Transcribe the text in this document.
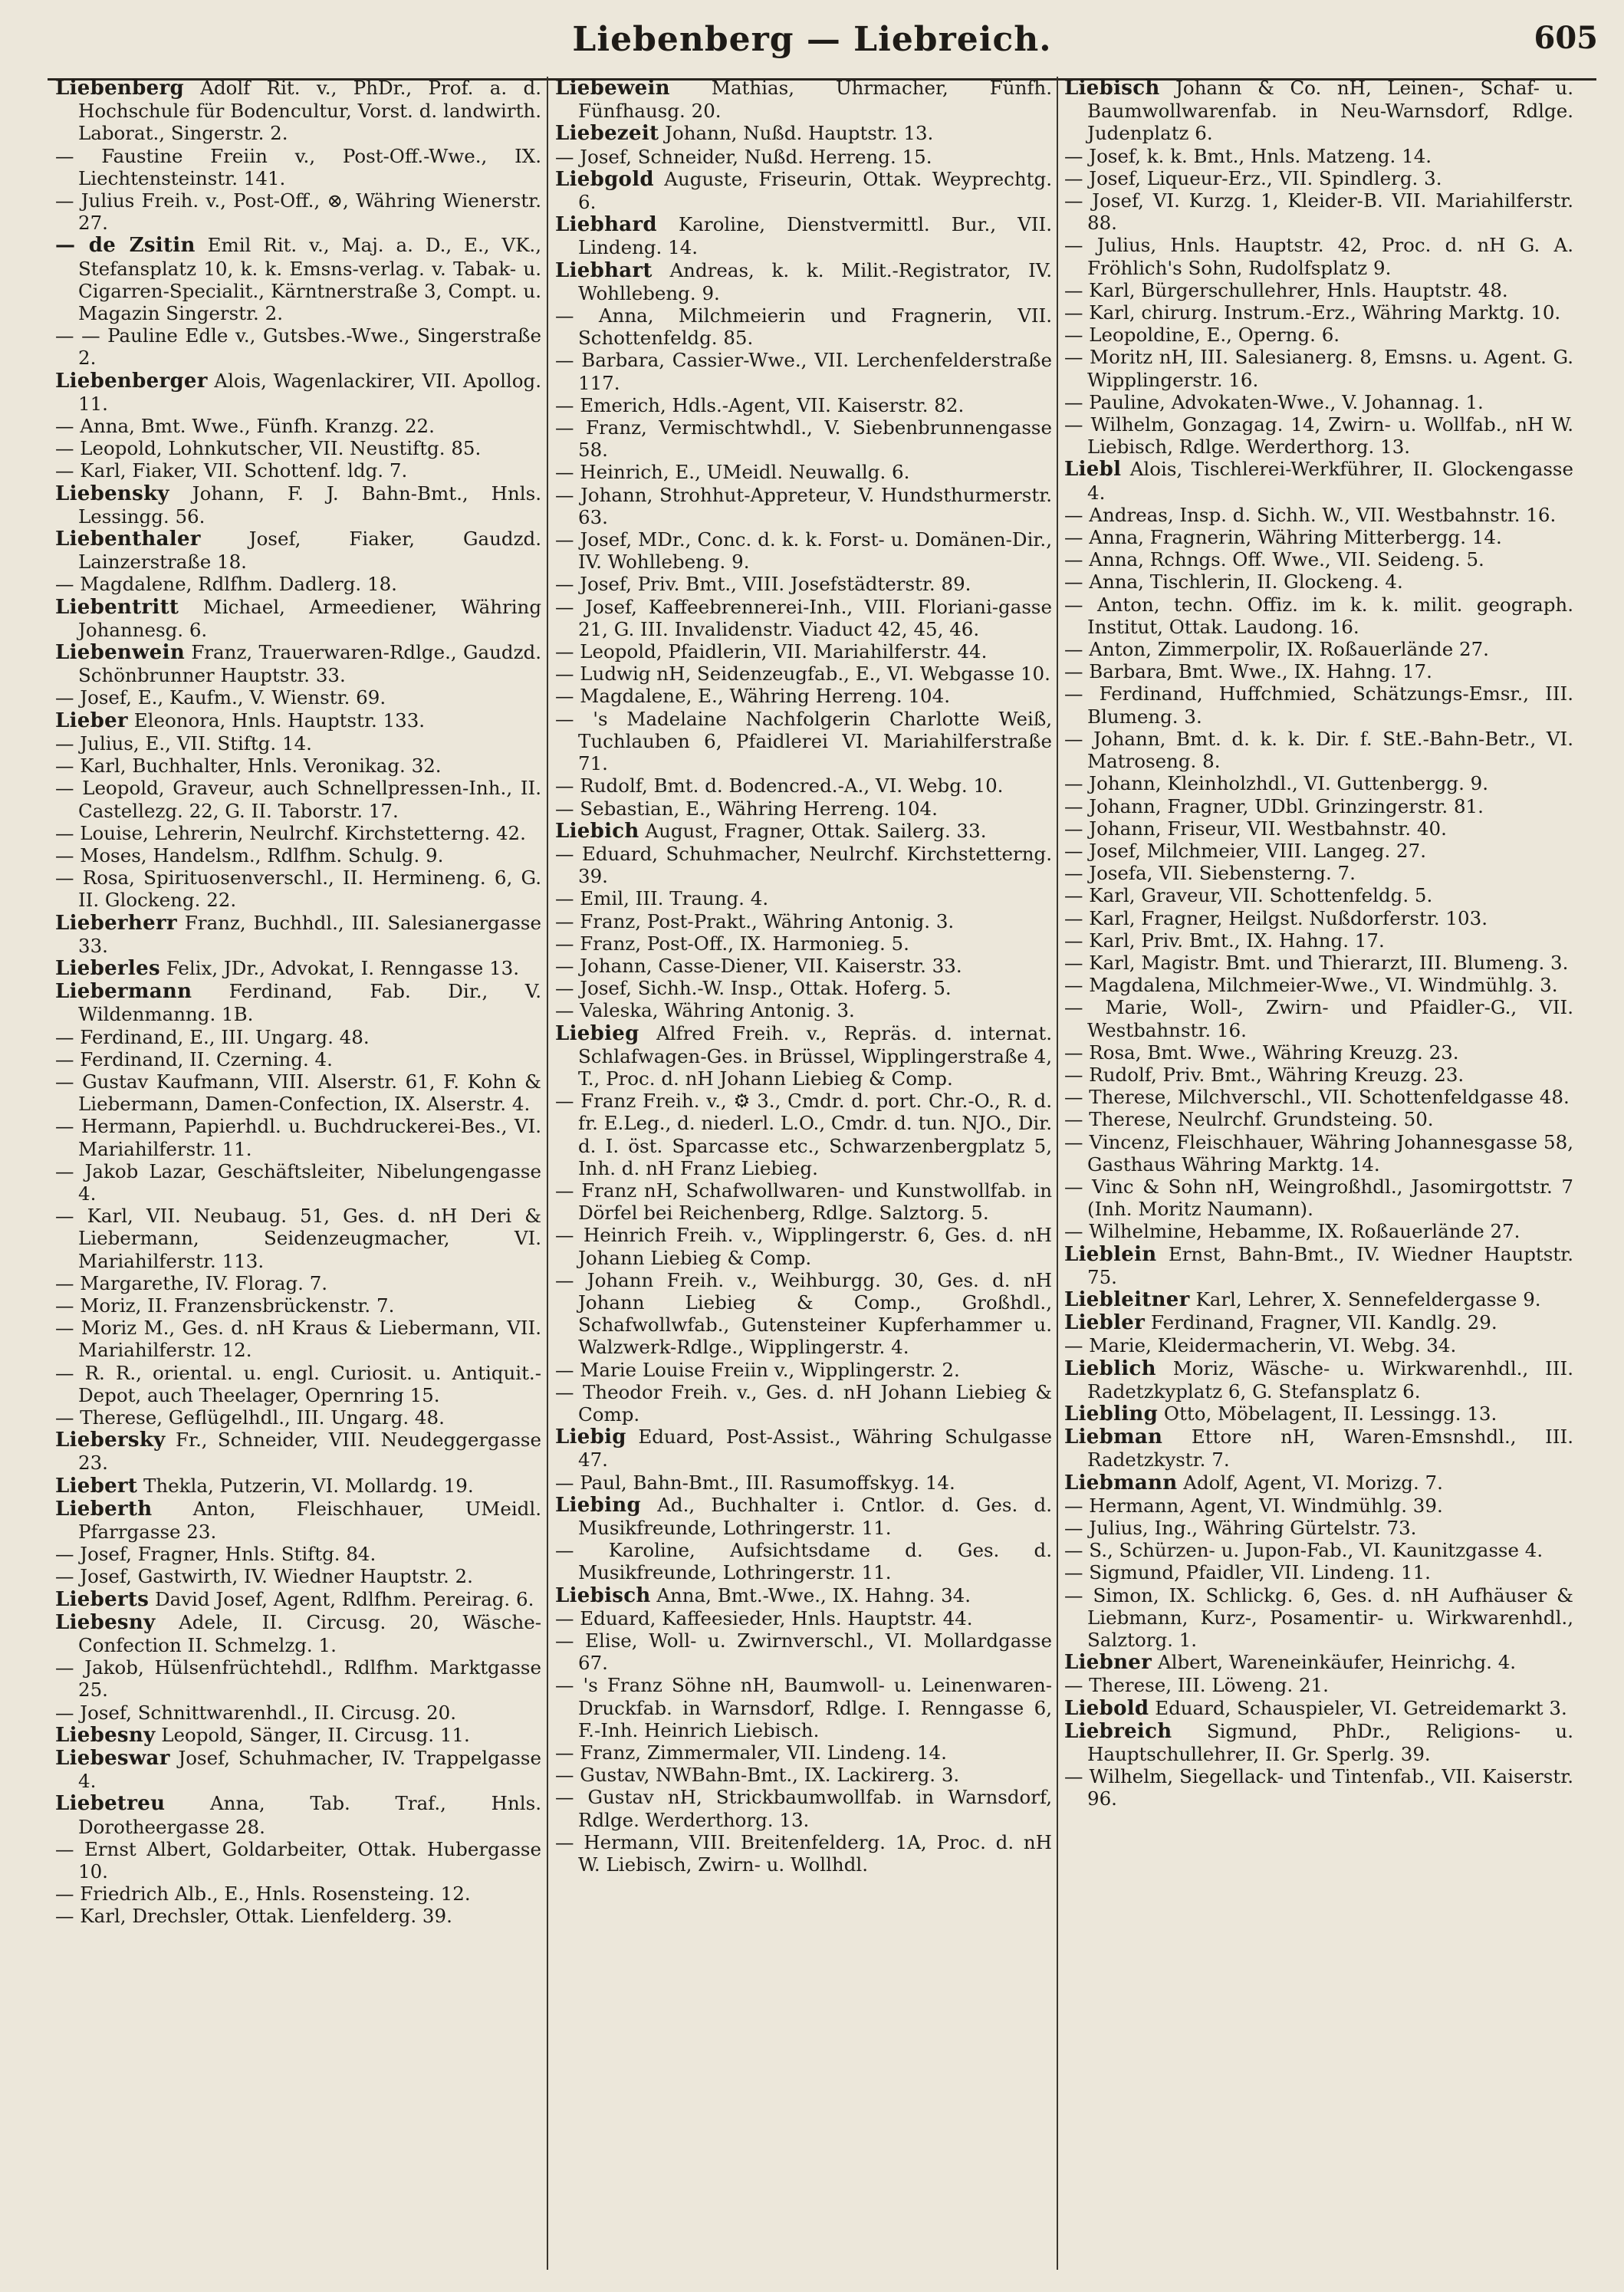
Liebenberg — Liebreich.	605

Liebenberg Adolf Rit. v., PhDr., Prof. a. d. Hochschule für Bodencultur, Vorst. d. landwirth. Laborat., Singerstr. 2.

— Faustine Freiin v., Post-Off.-Wwe., IX. Liechtensteinstr. 141.

— Julius Freih. v., Post-Off., ⊗, Währing Wienerstr. 27.

— de Zsitin Emil Rit. v., Maj. a. D., E., VK., Stefansplatz 10, k. k. Emsns-verlag. v. Tabak- u. Cigarren-Specialit., Kärntnerstraße 3, Compt. u. Magazin Singerstr. 2.

— — Pauline Edle v., Gutsbes.-Wwe., Singerstraße 2.

Liebenberger Alois, Wagenlackirer, VII. Apollog. 11.

— Anna, Bmt. Wwe., Fünfh. Kranzg. 22.

— Leopold, Lohnkutscher, VII. Neustiftg. 85.

— Karl, Fiaker, VII. Schottenf. ldg. 7.

Liebensky Johann, F. J. Bahn-Bmt., Hnls. Lessingg. 56.

Liebenthaler	Josef, Fiaker, Gaudzd. Lainzerstraße 18.

— Magdalene, Rdlfhm. Dadlerg. 18.

Liebentritt Michael, Armeediener, Währing Johannesg. 6.

Liebenwein Franz, Trauerwaren-Rdlge., Gaudzd. Schönbrunner Hauptstr. 33.

— Josef, E., Kaufm., V. Wienstr. 69.

Lieber Eleonora, Hnls. Hauptstr. 133.

— Julius, E., VII. Stiftg. 14.

— Karl, Buchhalter, Hnls. Veronikag. 32.

— Leopold, Graveur, auch Schnellpressen-Inh., II. Castellezg. 22, G. II. Taborstr. 17.

— Louise, Lehrerin, Neulrchf. Kirchstetterng. 42.

— Moses, Handelsm., Rdlfhm. Schulg. 9.

— Rosa, Spirituosenverschl., II. Hermineng. 6, G. II. Glockeng. 22.

Lieberherr Franz, Buchhdl., III. Salesianergasse 33.

Lieberles Felix, JDr., Advokat, I. Renngasse 13.

Liebermann Ferdinand, Fab. Dir., V. Wildenmanng. 1B.

— Ferdinand, E., III. Ungarg. 48.

— Ferdinand, II. Czerning. 4.

— Gustav Kaufmann, VIII. Alserstr. 61, F. Kohn & Liebermann, Damen-Confection, IX. Alserstr. 4.

— Hermann, Papierhdl. u. Buchdruckerei-Bes., VI. Mariahilferstr. 11.

— Jakob Lazar, Geschäftsleiter, Nibelungengasse 4.

— Karl, VII. Neubaug. 51, Ges. d. nH Deri & Liebermann, Seidenzeugmacher, VI. Mariahilferstr. 113.

— Margarethe, IV. Florag. 7.

— Moriz, II. Franzensbrückenstr. 7.

— Moriz M., Ges. d. nH Kraus & Liebermann, VII. Mariahilferstr. 12.

— R. R., oriental. u. engl. Curiosit. u. Antiquit.-Depot, auch Theelager, Opernring 15.

— Therese, Geflügelhdl., III. Ungarg. 48.

Liebersky Fr., Schneider, VIII. Neudeggergasse 23.

Liebert Thekla, Putzerin, VI. Mollardg. 19.

Lieberth Anton, Fleischhauer, UMeidl. Pfarrgasse 23.

— Josef, Fragner, Hnls. Stiftg. 84.

— Josef, Gastwirth, IV. Wiedner Hauptstr. 2.

Lieberts David Josef, Agent, Rdlfhm. Pereirag. 6.

Liebesny Adele, II. Circusg. 20, Wäsche-Confection II. Schmelzg. 1.

— Jakob, Hülsenfrüchtehdl., Rdlfhm. Marktgasse 25.

— Josef, Schnittwarenhdl., II. Circusg. 20.

Liebesny Leopold, Sänger, II. Circusg. 11.

Liebeswar Josef, Schuhmacher, IV. Trappelgasse 4.

Liebetreu Anna, Tab. Traf., Hnls. Dorotheergasse 28.

— Ernst Albert, Goldarbeiter, Ottak. Hubergasse 10.

— Friedrich Alb., E., Hnls. Rosensteing. 12.

— Karl, Drechsler, Ottak. Lienfelderg. 39.

Liebewein Mathias, Uhrmacher, Fünfh. Fünfhausg. 20.

Liebezeit Johann, Nußd. Hauptstr. 13.

— Josef, Schneider, Nußd. Herreng. 15.

Liebgold Auguste, Friseurin, Ottak. Weyprechtg. 6.

Liebhard Karoline, Dienstvermittl. Bur., VII. Lindeng. 14.

Liebhart Andreas, k. k. Milit.-Registrator, IV. Wohllebeng. 9.

— Anna, Milchmeierin und Fragnerin, VII. Schottenfeldg. 85.

— Barbara, Cassier-Wwe., VII. Lerchenfelderstraße 117.

— Emerich, Hdls.-Agent, VII. Kaiserstr. 82.

— Franz, Vermischtwhdl., V. Siebenbrunnengasse 58.

— Heinrich, E., UMeidl. Neuwallg. 6.

— Johann, Strohhut-Appreteur, V. Hundsthurmerstr. 63.

— Josef, MDr., Conc. d. k. k. Forst- u. Domänen-Dir., IV. Wohllebeng. 9.

— Josef, Priv. Bmt., VIII. Josefstädterstr. 89.

— Josef, Kaffeebrennerei-Inh., VIII. Floriani-gasse 21, G. III. Invalidenstr. Viaduct 42, 45, 46.

— Leopold, Pfaidlerin, VII. Mariahilferstr. 44.

— Ludwig nH, Seidenzeugfab., E., VI. Webgasse 10.

— Magdalene, E., Währing Herreng. 104.

— 's Madelaine Nachfolgerin Charlotte Weiß, Tuchlauben 6, Pfaidlerei VI. Mariahilferstraße 71.

— Rudolf, Bmt. d. Bodencred.-A., VI. Webg. 10.

— Sebastian, E., Währing Herreng. 104.

Liebich August, Fragner, Ottak. Sailerg. 33.

— Eduard, Schuhmacher, Neulrchf. Kirchstetterng. 39.

— Emil, III. Traung. 4.

— Franz, Post-Prakt., Währing Antonig. 3.

— Franz, Post-Off., IX. Harmonieg. 5.

— Johann, Casse-Diener, VII. Kaiserstr. 33.

— Josef, Sichh.-W. Insp., Ottak. Hoferg. 5.

— Valeska, Währing Antonig. 3.

Liebieg Alfred Freih. v., Repräs. d. internat. Schlafwagen-Ges. in Brüssel, Wipplingerstraße 4, T., Proc. d. nH Johann Liebieg & Comp.

— Franz Freih. v., ⚙ 3., Cmdr. d. port. Chr.-O., R. d. fr. E.Leg., d. niederl. L.O., Cmdr. d. tun. NJO., Dir. d. I. öst. Sparcasse etc., Schwarzenbergplatz 5, Inh. d. nH Franz Liebieg.

— Franz nH, Schafwollwaren- und Kunstwollfab. in Dörfel bei Reichenberg, Rdlge. Salztorg. 5.

— Heinrich Freih. v., Wipplingerstr. 6, Ges. d. nH Johann Liebieg & Comp.

— Johann Freih. v., Weihburgg. 30, Ges. d. nH Johann Liebieg & Comp., Großhdl., Schafwollwfab., Gutensteiner Kupferhammer u. Walzwerk-Rdlge., Wipplingerstr. 4.

— Marie Louise Freiin v., Wipplingerstr. 2.

— Theodor Freih. v., Ges. d. nH Johann Liebieg & Comp.

Liebig Eduard, Post-Assist., Währing Schulgasse 47.

— Paul, Bahn-Bmt., III. Rasumoffskyg. 14.

Liebing Ad., Buchhalter i. Cntlor. d. Ges. d. Musikfreunde, Lothringerstr. 11.

— Karoline, Aufsichtsdame d. Ges. d. Musikfreunde, Lothringerstr. 11.

Liebisch Anna, Bmt.-Wwe., IX. Hahng. 34.

— Eduard, Kaffeesieder, Hnls. Hauptstr. 44.

— Elise, Woll- u. Zwirnverschl., VI. Mollardgasse 67.

— 's Franz Söhne nH, Baumwoll- u. Leinenwaren-Druckfab. in Warnsdorf, Rdlge. I. Renngasse 6, F.-Inh. Heinrich Liebisch.

— Franz, Zimmermaler, VII. Lindeng. 14.

— Gustav, NWBahn-Bmt., IX. Lackirerg. 3.

— Gustav nH, Strickbaumwollfab. in Warnsdorf, Rdlge. Werderthorg. 13.

— Hermann, VIII. Breitenfelderg. 1A, Proc. d. nH W. Liebisch, Zwirn- u. Wollhdl.

Liebisch Johann & Co. nH, Leinen-, Schaf- u. Baumwollwarenfab. in Neu-Warnsdorf, Rdlge. Judenplatz 6.

— Josef, k. k. Bmt., Hnls. Matzeng. 14.

— Josef, Liqueur-Erz., VII. Spindlerg. 3.

— Josef, VI. Kurzg. 1, Kleider-B. VII. Mariahilferstr. 88.

— Julius, Hnls. Hauptstr. 42, Proc. d. nH G. A. Fröhlich's Sohn, Rudolfsplatz 9.

— Karl, Bürgerschullehrer, Hnls. Hauptstr. 48.

— Karl, chirurg. Instrum.-Erz., Währing Marktg. 10.

— Leopoldine, E., Operng. 6.

— Moritz nH, III. Salesianerg. 8, Emsns. u. Agent. G. Wipplingerstr. 16.

— Pauline, Advokaten-Wwe., V. Johannag. 1.

— Wilhelm, Gonzagag. 14, Zwirn- u. Wollfab., nH W. Liebisch, Rdlge. Werderthorg. 13.

Liebl Alois, Tischlerei-Werkführer, II. Glockengasse 4.

— Andreas, Insp. d. Sichh. W., VII. Westbahnstr. 16.

— Anna, Fragnerin, Währing Mitterbergg. 14.

— Anna, Rchngs. Off. Wwe., VII. Seideng. 5.

— Anna, Tischlerin, II. Glockeng. 4.

— Anton, techn. Offiz. im k. k. milit. geograph. Institut, Ottak. Laudong. 16.

— Anton, Zimmerpolir, IX. Roßauerlände 27.

— Barbara, Bmt. Wwe., IX. Hahng. 17.

— Ferdinand, Huffchmied, Schätzungs-Emsr., III. Blumeng. 3.

— Johann, Bmt. d. k. k. Dir. f. StE.-Bahn-Betr., VI. Matroseng. 8.

— Johann, Kleinholzhdl., VI. Guttenbergg. 9.

— Johann, Fragner, UDbl. Grinzingerstr. 81.

— Johann, Friseur, VII. Westbahnstr. 40.

— Josef, Milchmeier, VIII. Langeg. 27.

— Josefa, VII. Siebensterng. 7.

— Karl, Graveur, VII. Schottenfeldg. 5.

— Karl, Fragner, Heilgst. Nußdorferstr. 103.

— Karl, Priv. Bmt., IX. Hahng. 17.

— Karl, Magistr. Bmt. und Thierarzt, III. Blumeng. 3.

— Magdalena, Milchmeier-Wwe., VI. Windmühlg. 3.

— Marie, Woll-, Zwirn- und Pfaidler-G., VII. Westbahnstr. 16.

— Rosa, Bmt. Wwe., Währing Kreuzg. 23.

— Rudolf, Priv. Bmt., Währing Kreuzg. 23.

— Therese, Milchverschl., VII. Schottenfeldgasse 48.

— Therese, Neulrchf. Grundsteing. 50.

— Vincenz, Fleischhauer, Währing Johannesgasse 58, Gasthaus Währing Marktg. 14.

— Vinc & Sohn nH, Weingroßhdl., Jasomirgottstr. 7 (Inh. Moritz Naumann).

— Wilhelmine, Hebamme, IX. Roßauerlände 27.

Lieblein Ernst, Bahn-Bmt., IV. Wiedner Hauptstr. 75.

Liebleitner Karl, Lehrer, X. Sennefeldergasse 9.

Liebler Ferdinand, Fragner, VII. Kandlg. 29.

— Marie, Kleidermacherin, VI. Webg. 34.

Lieblich Moriz, Wäsche- u. Wirkwarenhdl., III. Radetzkyplatz 6, G. Stefansplatz 6.

Liebling Otto, Möbelagent, II. Lessingg. 13.

Liebman Ettore nH, Waren-Emsnshdl., III. Radetzkystr. 7.

Liebmann Adolf, Agent, VI. Morizg. 7.

— Hermann, Agent, VI. Windmühlg. 39.

— Julius, Ing., Währing Gürtelstr. 73.

— S., Schürzen- u. Jupon-Fab., VI. Kaunitzgasse 4.

— Sigmund, Pfaidler, VII. Lindeng. 11.

— Simon, IX. Schlickg. 6, Ges. d. nH Aufhäuser & Liebmann, Kurz-, Posamentir- u. Wirkwarenhdl., Salztorg. 1.

Liebner Albert, Wareneinkäufer, Heinrichg. 4.

— Therese, III. Löweng. 21.

Liebold Eduard, Schauspieler, VI. Getreidemarkt 3.

Liebreich Sigmund, PhDr., Religions- u. Hauptschullehrer, II. Gr. Sperlg. 39.

— Wilhelm, Siegellack- und Tintenfab., VII. Kaiserstr. 96.
